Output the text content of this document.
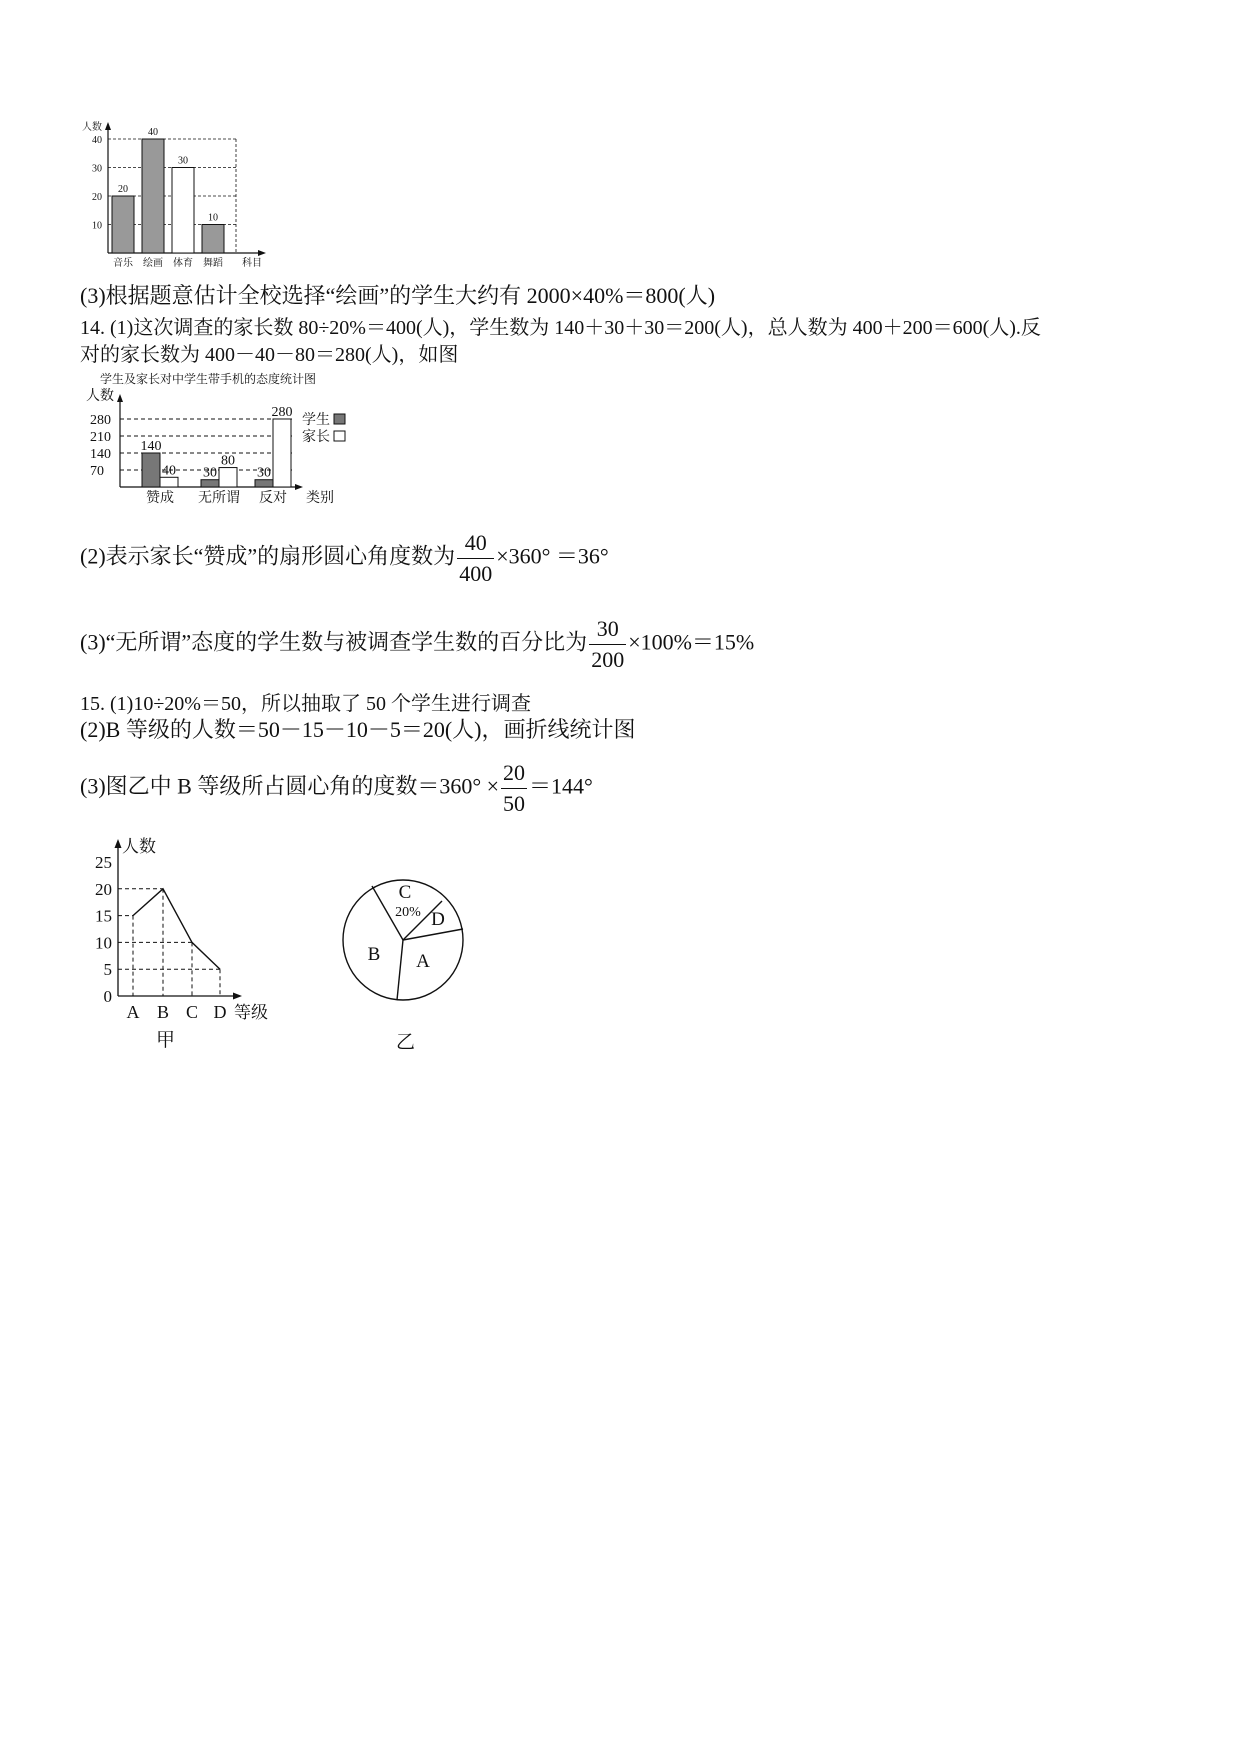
人数
科目
10
20
30
40
20
音乐
40
绘画
30
体育
10
舞蹈
(3)根据题意估计全校选择“绘画”的学生大约有 2000×40%＝800(人)
14. (1)这次调查的家长数 80÷20%＝400(人)，学生数为 140＋30＋30＝200(人)，总人数为 400＋200＝600(人).反
对的家长数为 400－40－80＝280(人)，如图
学生及家长对中学生带手机的态度统计图
人数
类别
280
210
140
70
140
40
赞成
30
80
无所谓
30
280
反对
学生
家长
(2)表示家长“赞成”的扇形圆心角度数为 $\frac{40}{400} \times 360^\circ =36^\circ$
(3)“无所谓”态度的学生数与被调查学生数的百分比为 $\frac{30}{200} \times 100\%=15\%$
15. (1)10÷20%＝50，所以抽取了 50 个学生进行调查
(2)B 等级的人数＝50－15－10－5＝20(人)，画折线统计图
(3)图乙中 B 等级所占圆心角的度数$=360^\circ \times \frac{20}{50} =144^\circ$
人数
等级
0
5
10
15
20
25
A B C D
甲
A
B
C
D
20%
乙
